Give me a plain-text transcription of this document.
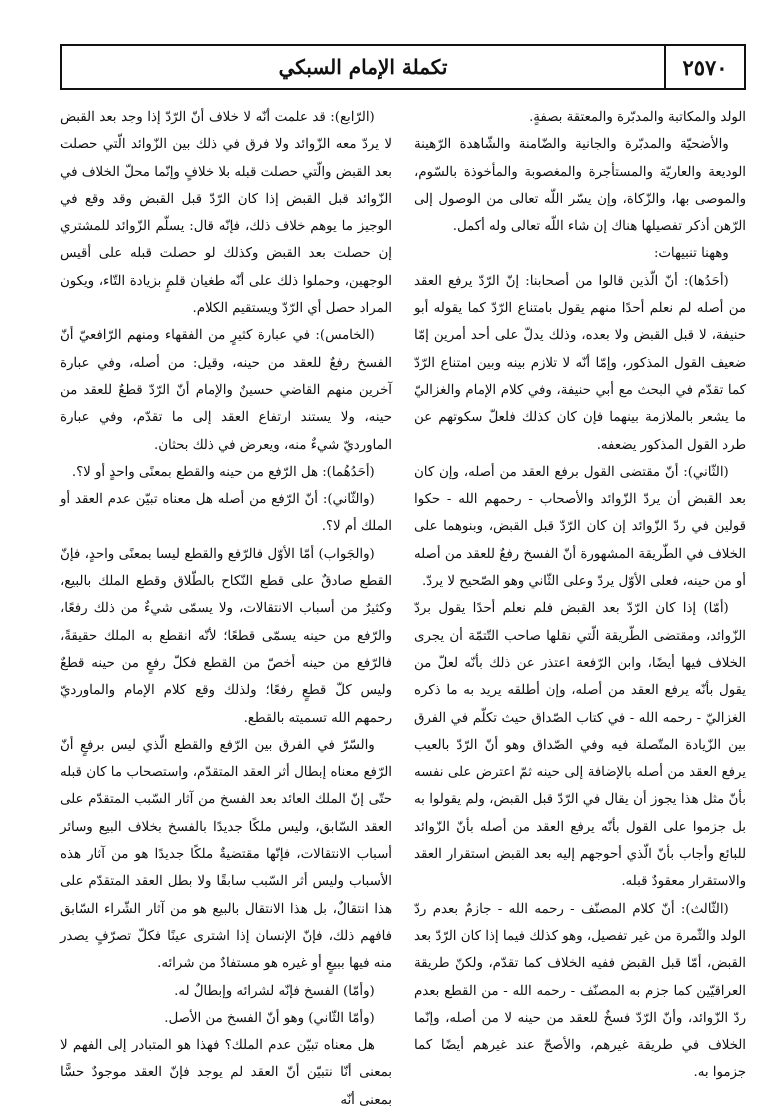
٢٥٧٠
تكملة الإمام السبكي

الولد والمكاتبة والمدبّرة والمعتقة بصفةٍ.

والأضحيّة والمدبّرة والجانية والضّامنة والشّاهدة الرّهينة الوديعة والعاريّة والمستأجرة والمغصوبة والمأخوذة بالسّوم، والموصى بها، والزّكاة، وإن يسّر اللّه تعالى من الوصول إلى الرّهن أذكر تفصيلها هناك إن شاء اللّه تعالى وله أكمل.

وههنا تنبيهات:

(أحَدُها): أنّ الّذين قالوا من أصحابنا: إنّ الرّدّ يرفع العقد من أصله لم نعلم أحدًا منهم يقول بامتناع الرّدّ كما يقوله أبو حنيفة، لا قبل القبض ولا بعده، وذلك يدلّ على أحد أمرين إمّا ضعيف القول المذكور، وإمّا أنّه لا تلازم بينه وبين امتناع الرّدّ كما تقدّم في البحث مع أبي حنيفة، وفي كلام الإمام والغزاليّ ما يشعر بالملازمة بينهما فإن كان كذلك فلعلّ سكوتهم عن طرد القول المذكور يضعفه.

(الثّاني): أنّ مقتضى القول برفع العقد من أصله، وإن كان بعد القبض أن يردّ الزّوائد والأصحاب - رحمهم الله - حكوا قولين في ردّ الزّوائد إن كان الرّدّ قبل القبض، وبنوهما على الخلاف في الطّريقة المشهورة أنّ الفسخ رفعٌ للعقد من أصله أو من حينه، فعلى الأوّل يردّ وعلى الثّاني وهو الصّحيح لا يردّ.

(أمّا) إذا كان الرّدّ بعد القبض فلم نعلم أحدًا يقول بردّ الزّوائد، ومقتضى الطّريقة الّتي نقلها صاحب التّتمّة أن يجرى الخلاف فيها أيضًا، وابن الرّفعة اعتذر عن ذلك بأنّه لعلّ من يقول بأنّه يرفع العقد من أصله، وإن أطلقه يريد به ما ذكره الغزاليّ - رحمه الله - في كتاب الصّداق حيث تكلّم في الفرق بين الزّيادة المتّصلة فيه وفي الصّداق وهو أنّ الرّدّ بالعيب يرفع العقد من أصله بالإضافة إلى حينه ثمّ اعترض على نفسه بأنّ مثل هذا يجوز أن يقال في الرّدّ قبل القبض، ولم يقولوا به بل جزموا على القول بأنّه يرفع العقد من أصله بأنّ الزّوائد للبائع وأجاب بأنّ الّذي أحوجهم إليه بعد القبض استقرار العقد والاستقرار معقودٌ قبله.

(الثّالث): أنّ كلام المصنّف - رحمه الله - جازمٌ بعدم ردّ الولد والثّمرة من غير تفصيل، وهو كذلك فيما إذا كان الرّدّ بعد القبض، أمّا قبل القبض ففيه الخلاف كما تقدّم، ولكنّ طريقة العراقيّين كما جزم به المصنّف - رحمه الله - من القطع بعدم ردّ الزّوائد، وأنّ الرّدّ فسخٌ للعقد من حينه لا من أصله، وإنّما الخلاف في طريقة غيرهم، والأصحّ عند غيرهم أيضًا كما جزموا به.

(الرّابع): قد علمت أنّه لا خلاف أنّ الرّدّ إذا وجد بعد القبض لا يردّ معه الزّوائد ولا فرق في ذلك بين الزّوائد الّتي حصلت بعد القبض والّتي حصلت قبله بلا خلافٍ وإنّما محلّ الخلاف في الزّوائد قبل القبض إذا كان الرّدّ قبل القبض وقد وقع في الوجيز ما يوهم خلاف ذلك، فإنّه قال: يسلّم الزّوائد للمشتري إن حصلت بعد القبض وكذلك لو حصلت قبله على أقيس الوجهين، وحملوا ذلك على أنّه طغيان قلمٍ بزيادة التّاء، ويكون المراد حصل أي الرّدّ ويستقيم الكلام.

(الخامس): في عبارة كثيرٍ من الفقهاء ومنهم الرّافعيّ أنّ الفسخ رفعٌ للعقد من حينه، وقيل: من أصله، وفي عبارة آخرين منهم القاضي حسينٌ والإمام أنّ الرّدّ قطعٌ للعقد من حينه، ولا يستند ارتفاع العقد إلى ما تقدّم، وفي عبارة الماورديّ شيءٌ منه، ويعرض في ذلك بحثان.

(أحَدُهُما): هل الرّفع من حينه والقطع بمعنًى واحدٍ أو لا؟.

(والثّاني): أنّ الرّفع من أصله هل معناه تبيّن عدم العقد أو الملك أم لا؟.

(والجَواب) أمّا الأوّل فالرّفع والقطع ليسا بمعنًى واحدٍ، فإنّ القطع صادقٌ على قطع النّكاح بالطّلاق وقطع الملك بالبيع، وكثيرٌ من أسباب الانتقالات، ولا يسمّى شيءٌ من ذلك رفعًا، والرّفع من حينه يسمّى قطعًا؛ لأنّه انقطع به الملك حقيقةً، فالرّفع من حينه أخصّ من القطع فكلّ رفعٍ من حينه قطعٌ وليس كلّ قطعٍ رفعًا؛ ولذلك وقع كلام الإمام والماورديّ رحمهم الله تسميته بالقطع.

والسّرّ في الفرق بين الرّفع والقطع الّذي ليس برفعٍ أنّ الرّفع معناه إبطال أثر العقد المتقدّم، واستصحاب ما كان قبله حتّى إنّ الملك العائد بعد الفسخ من آثار السّبب المتقدّم على العقد السّابق، وليس ملكًا جديدًا بالفسخ بخلاف البيع وسائر أسباب الانتقالات، فإنّها مقتضيةٌ ملكًا جديدًا هو من آثار هذه الأسباب وليس أثر السّبب سابقًا ولا بطل العقد المتقدّم على هذا انتقالٌ، بل هذا الانتقال بالبيع هو من آثار الشّراء السّابق فافهم ذلك، فإنّ الإنسان إذا اشترى عينًا فكلّ تصرّفٍ يصدر منه فيها ببيعٍ أو غيره هو مستفادٌ من شرائه.

(وأمّا) الفسخ فإنّه لشرائه وإبطالٌ له.

(وأمّا الثّاني) وهو أنّ الفسخ من الأصل.

هل معناه تبيّن عدم الملك؟ فهذا هو المتبادر إلى الفهم لا بمعنى أنّا نتبيّن أنّ العقد لم يوجد فإنّ العقد موجودٌ حسًّا بمعنى أنّه
